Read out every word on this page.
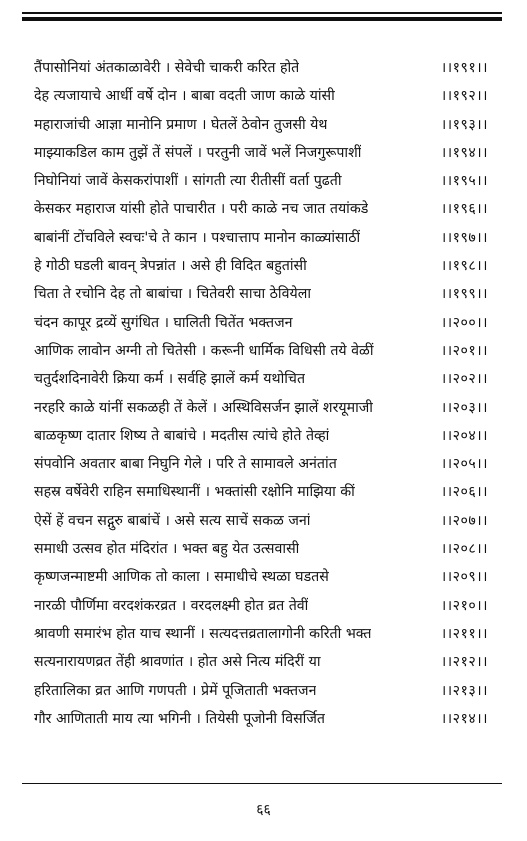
तैंपासोनियां अंतकाळावेरी । सेवेची चाकरी करित होते	।।१९१।।
देह त्यजायाचे आर्धी वर्षे दोन । बाबा वदती जाण काळे यांसी	।।१९२।।
महाराजांची आज्ञा मानोनि प्रमाण । घेतलें ठेवोन तुजसी येथ	।।१९३।।
माझ्याकडिल काम तुझें तें संपलें । परतुनी जावें भलें निजगुरूपाशीं	।।१९४।।
निघोनियां जावें केसकरांपाशीं । सांगती त्या रीतीसीं वर्ता पुढती	।।१९५।।
केसकर महाराज यांसी होते पाचारीत । परी काळे नच जात तयांकडे	।।१९६।।
बाबांनीं टोंचविले स्वचः'चे ते कान । पश्चात्ताप मानोन काळ्यांसाठीं	।।१९७।।
हे गोठी घडली बावन् त्रेपन्नांत । असे ही विदित बहुतांसी	।।१९८।।
चिता ते रचोनि देह तो बाबांचा । चितेवरी साचा ठेवियेला	।।१९९।।
चंदन कापूर द्रव्यें सुगंधित । घालिती चितेंत भक्तजन	।।२००।।
आणिक लावोन अग्नी तो चितेसी । करूनी धार्मिक विधिसी तये वेळीं	।।२०१।।
चतुर्दशदिनावेरी क्रिया कर्म । सर्वहि झालें कर्म यथोचित	।।२०२।।
नरहरि काळे यांनीं सकळही तें केलें । अस्थिविसर्जन झालें शरयूमाजी	।।२०३।।
बाळकृष्ण दातार शिष्य ते बाबांचे । मदतीस त्यांचे होते तेव्हां	।।२०४।।
संपवोनि अवतार बाबा निघुनि गेले । परि ते सामावले अनंतांत	।।२०५।।
सहस्र वर्षेवेरी राहिन समाधिस्थानीं । भक्तांसी रक्षोनि माझिया कीं	।।२०६।।
ऐसें हें वचन सद्गुरु बाबांचें । असे सत्य साचें सकळ जनां	।।२०७।।
समाधी उत्सव होत मंदिरांत । भक्त बहु येत उत्सवासी	।।२०८।।
कृष्णजन्माष्टमी आणिक तो काला । समाधीचे स्थळा घडतसे	।।२०९।।
नारळी पौर्णिमा वरदशंकरव्रत । वरदलक्ष्मी होत व्रत तेवीं	।।२१०।।
श्रावणी समारंभ होत याच स्थानीं । सत्यदत्तव्रतालागोनी करिती भक्त	।।२११।।
सत्यनारायणव्रत तेंही श्रावणांत । होत असे नित्य मंदिरीं या	।।२१२।।
हरितालिका व्रत आणि गणपती । प्रेमें पूजिताती भक्तजन	।।२१३।।
गौर आणिताती माय त्या भगिनी । तियेसी पूजोनी विसर्जित	।।२१४।।
६६
